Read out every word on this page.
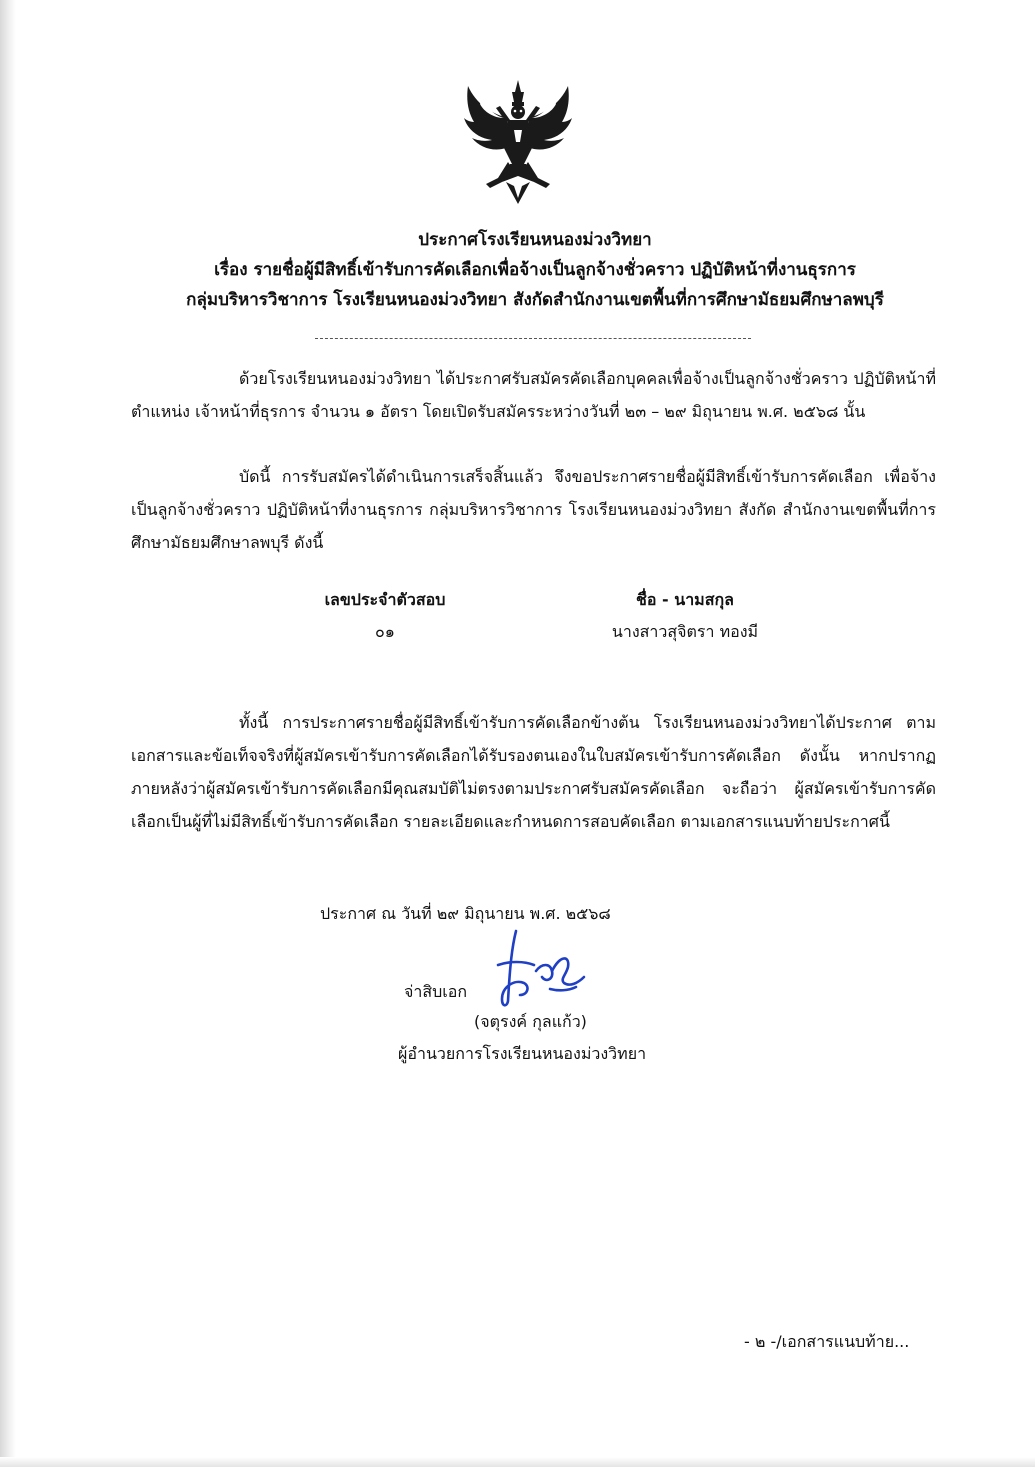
ประกาศโรงเรียนหนองม่วงวิทยา
เรื่อง รายชื่อผู้มีสิทธิ์เข้ารับการคัดเลือกเพื่อจ้างเป็นลูกจ้างชั่วคราว ปฏิบัติหน้าที่งานธุรการ
กลุ่มบริหารวิชาการ โรงเรียนหนองม่วงวิทยา สังกัดสำนักงานเขตพื้นที่การศึกษามัธยมศึกษาลพบุรี

ด้วยโรงเรียนหนองม่วงวิทยา ได้ประกาศรับสมัครคัดเลือกบุคคลเพื่อจ้างเป็นลูกจ้างชั่วคราว ปฏิบัติหน้าที่ตำแหน่ง เจ้าหน้าที่ธุรการ จำนวน ๑ อัตรา โดยเปิดรับสมัครระหว่างวันที่ ๒๓ – ๒๙ มิถุนายน พ.ศ. ๒๕๖๘ นั้น

บัดนี้ การรับสมัครได้ดำเนินการเสร็จสิ้นแล้ว จึงขอประกาศรายชื่อผู้มีสิทธิ์เข้ารับการคัดเลือก เพื่อจ้างเป็นลูกจ้างชั่วคราว ปฏิบัติหน้าที่งานธุรการ กลุ่มบริหารวิชาการ โรงเรียนหนองม่วงวิทยา สังกัด สำนักงานเขตพื้นที่การศึกษามัธยมศึกษาลพบุรี ดังนี้

เลขประจำตัวสอบ	ชื่อ - นามสกุล
๐๑	นางสาวสุจิตรา ทองมี

ทั้งนี้ การประกาศรายชื่อผู้มีสิทธิ์เข้ารับการคัดเลือกข้างต้น โรงเรียนหนองม่วงวิทยาได้ประกาศ ตามเอกสารและข้อเท็จจริงที่ผู้สมัครเข้ารับการคัดเลือกได้รับรองตนเองในใบสมัครเข้ารับการคัดเลือก ดังนั้น หากปรากฏภายหลังว่าผู้สมัครเข้ารับการคัดเลือกมีคุณสมบัติไม่ตรงตามประกาศรับสมัครคัดเลือก จะถือว่า ผู้สมัครเข้ารับการคัดเลือกเป็นผู้ที่ไม่มีสิทธิ์เข้ารับการคัดเลือก รายละเอียดและกำหนดการสอบคัดเลือก ตามเอกสารแนบท้ายประกาศนี้

ประกาศ ณ วันที่ ๒๙ มิถุนายน พ.ศ. ๒๕๖๘
จ่าสิบเอก
(จตุรงค์ กุลแก้ว)
ผู้อำนวยการโรงเรียนหนองม่วงวิทยา
- ๒ -/เอกสารแนบท้าย...
